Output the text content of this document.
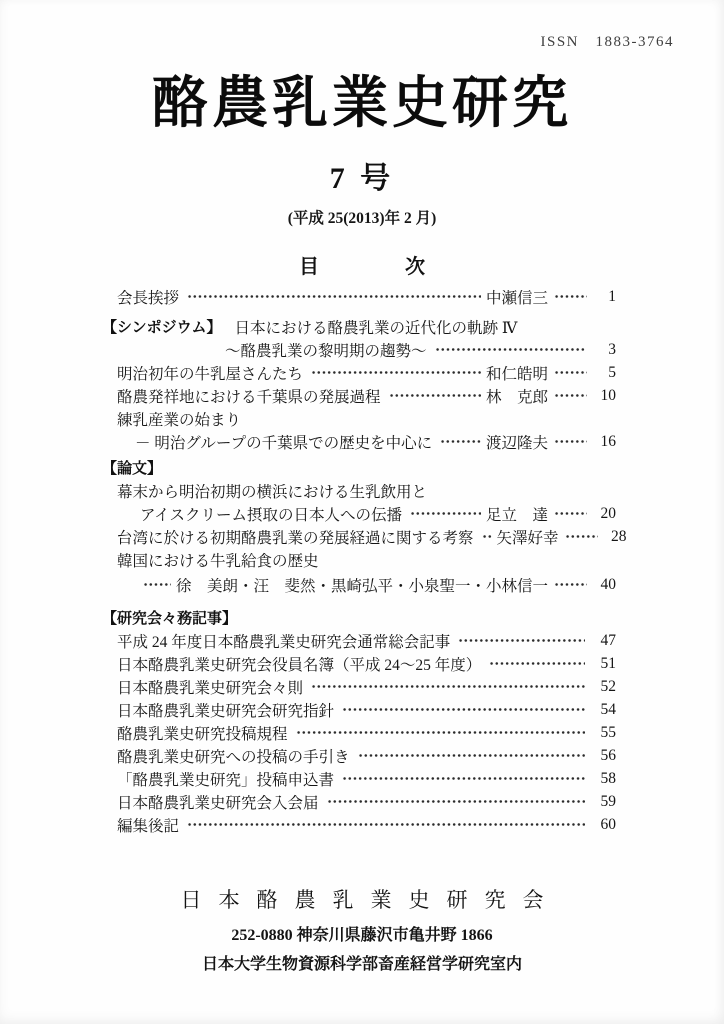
ISSN　1883-3764
酪農乳業史研究
7 号
(平成 25(2013)年 2 月)
目	次
会長挨拶	中瀬信三	1
【シンポジウム】 日本における酪農乳業の近代化の軌跡 Ⅳ
〜酪農乳業の黎明期の趨勢〜	3
明治初年の牛乳屋さんたち	和仁皓明	5
酪農発祥地における千葉県の発展過程	林　克郎	10
練乳産業の始まり
－ 明治グループの千葉県での歴史を中心に	渡辺隆夫	16
【論文】
幕末から明治初期の横浜における生乳飲用と
アイスクリーム摂取の日本人への伝播	足立　達	20
台湾に於ける初期酪農乳業の発展経過に関する考察 矢澤好幸	28
韓国における牛乳給食の歴史
徐　美朗・汪　斐然・黒崎弘平・小泉聖一・小林信一	40
【研究会々務記事】
平成 24 年度日本酪農乳業史研究会通常総会記事	47
日本酪農乳業史研究会役員名簿（平成 24～25 年度）	51
日本酪農乳業史研究会々則	52
日本酪農乳業史研究会研究指針	54
酪農乳業史研究投稿規程	55
酪農乳業史研究への投稿の手引き	56
「酪農乳業史研究」投稿申込書	58
日本酪農乳業史研究会入会届	59
編集後記	60
日本酪農乳業史研究会
252-0880 神奈川県藤沢市亀井野 1866
日本大学生物資源科学部畜産経営学研究室内
